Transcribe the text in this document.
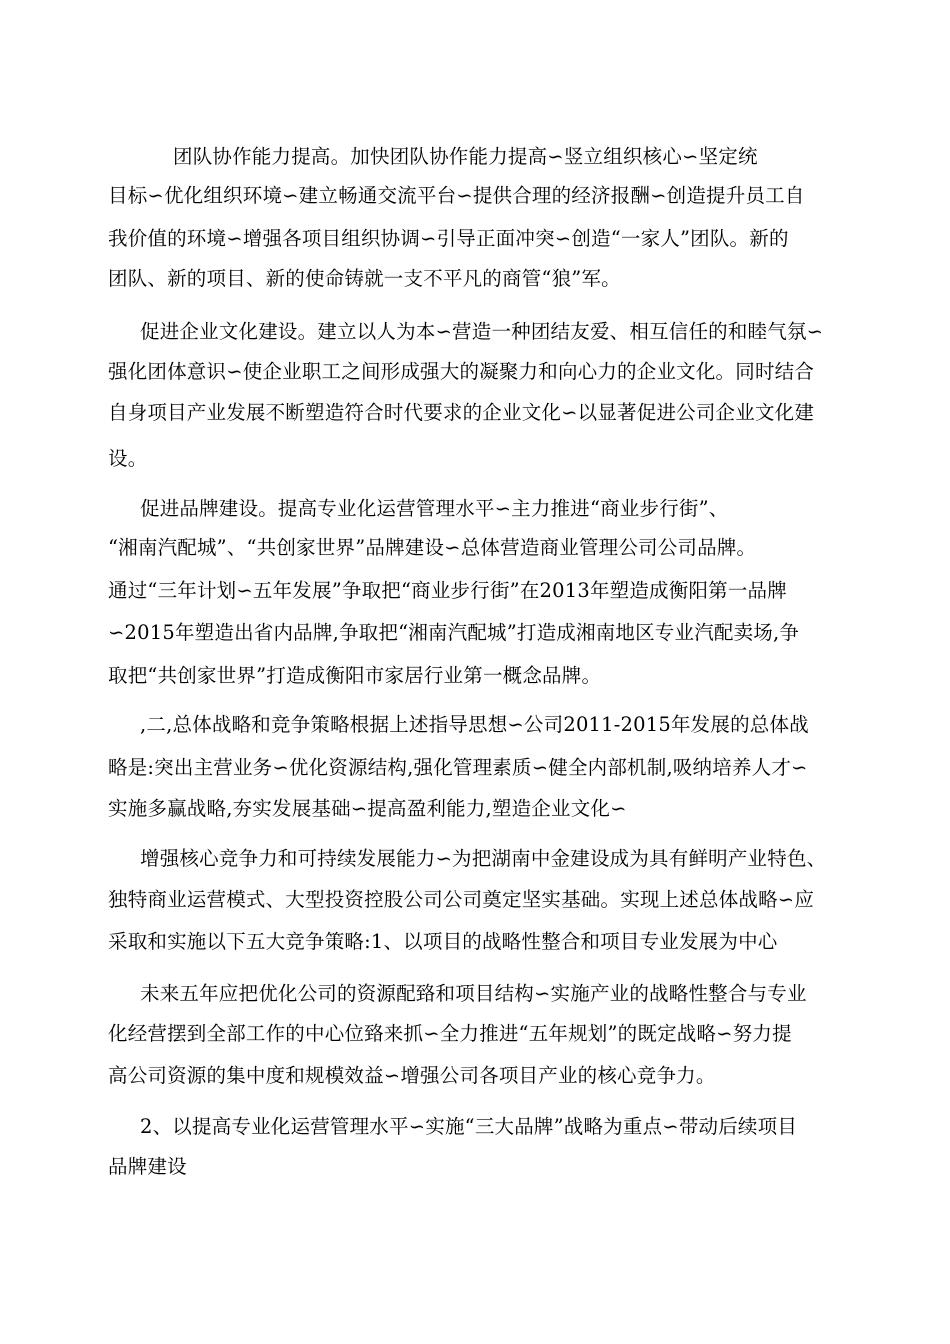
团队协作能力提高。加快团队协作能力提高∽竖立组织核心∽坚定统
目标∽优化组织环境∽建立畅通交流平台∽提供合理的经济报酬∽创造提升员工自
我价值的环境∽增强各项目组织协调∽引导正面冲突∽创造“一家人”团队。新的
团队、新的项目、新的使命铸就一支不平凡的商管“狼”军。
促进企业文化建设。建立以人为本∽营造一种团结友爱、相互信任的和睦气氛∽
强化团体意识∽使企业职工之间形成强大的凝聚力和向心力的企业文化。同时结合
自身项目产业发展不断塑造符合时代要求的企业文化∽以显著促进公司企业文化建
设。
促进品牌建设。提高专业化运营管理水平∽主力推进“商业步行街”、
“湘南汽配城”、“共创家世界”品牌建设∽总体营造商业管理公司公司品牌。
通过“三年计划∽五年发展”争取把“商业步行街”在2013年塑造成衡阳第一品牌
∽2015年塑造出省内品牌,争取把“湘南汽配城”打造成湘南地区专业汽配卖场,争
取把“共创家世界”打造成衡阳市家居行业第一概念品牌。
,二,总体战略和竞争策略根据上述指导思想∽公司2011-2015年发展的总体战
略是:突出主营业务∽优化资源结构,强化管理素质∽健全内部机制,吸纳培养人才∽
实施多赢战略,夯实发展基础∽提高盈利能力,塑造企业文化∽
增强核心竞争力和可持续发展能力∽为把湖南中金建设成为具有鲜明产业特色、
独特商业运营模式、大型投资控股公司公司奠定坚实基础。实现上述总体战略∽应
采取和实施以下五大竞争策略:1、以项目的战略性整合和项目专业发展为中心
未来五年应把优化公司的资源配臵和项目结构∽实施产业的战略性整合与专业
化经营摆到全部工作的中心位臵来抓∽全力推进“五年规划”的既定战略∽努力提
高公司资源的集中度和规模效益∽增强公司各项目产业的核心竞争力。
2、以提高专业化运营管理水平∽实施“三大品牌”战略为重点∽带动后续项目
品牌建设
